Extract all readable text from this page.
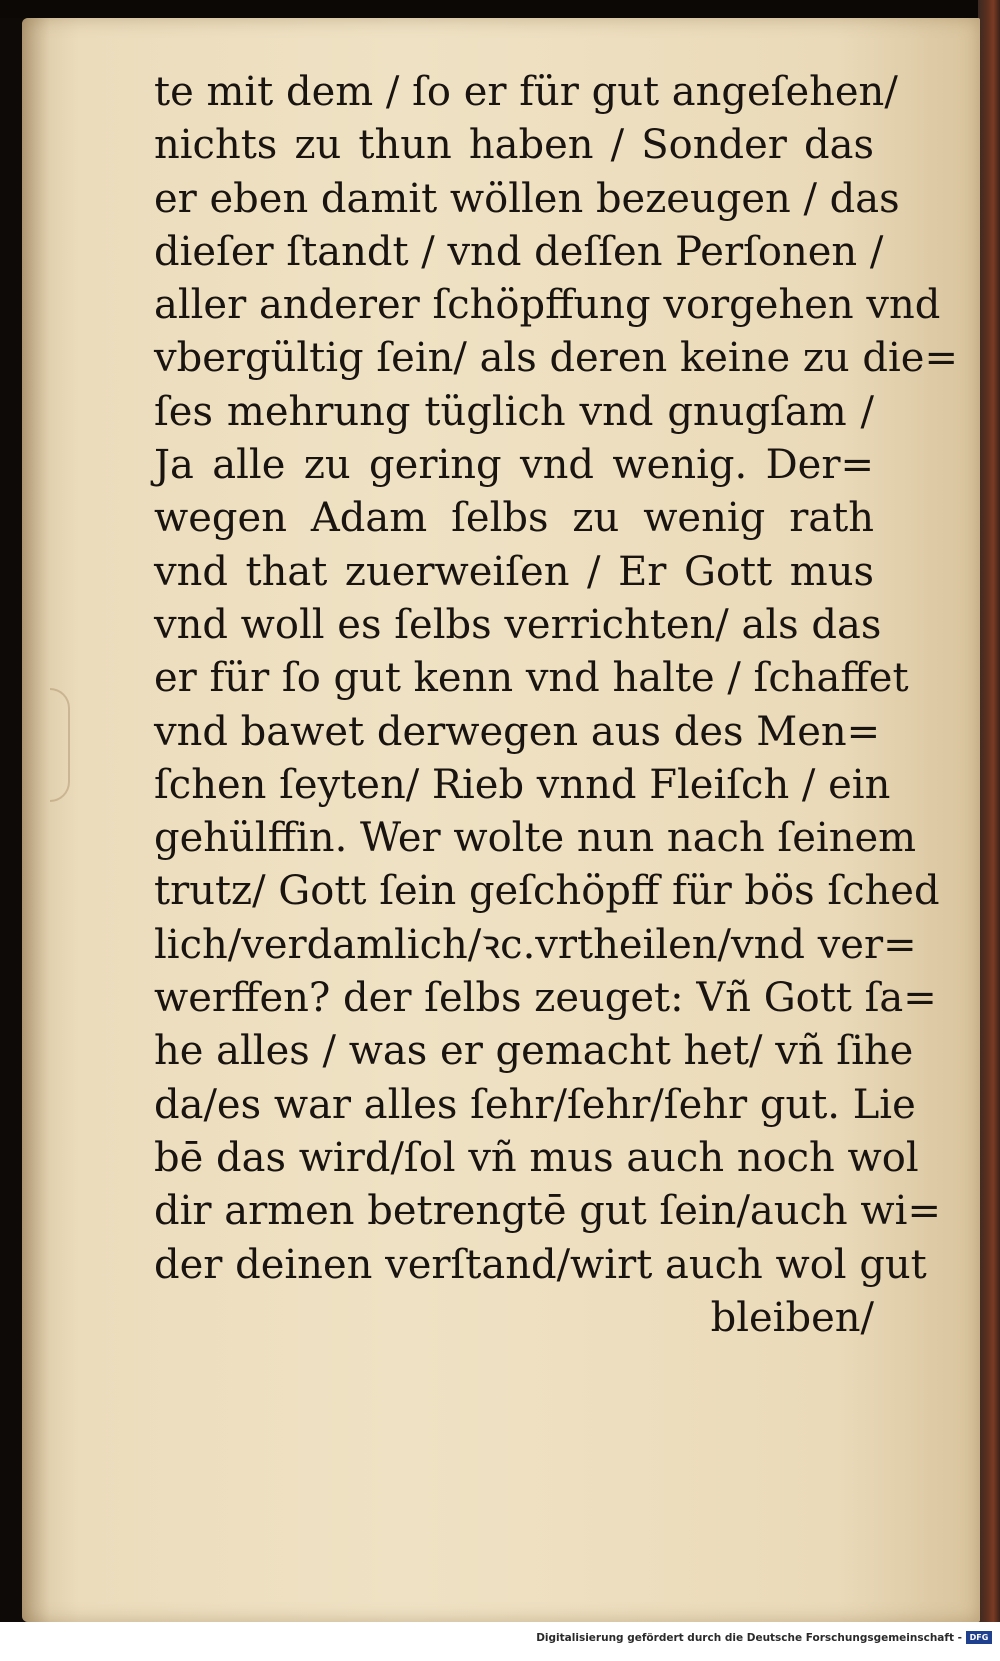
te mit dem / ſo er für gut angeſehen/
nichts zu thun haben / Sonder das
er eben damit wöllen bezeugen / das
dieſer ſtandt / vnd deſſen Perſonen /
aller anderer ſchöpffung vorgehen vnd
vbergültig ſein/ als deren keine zu die=
ſes mehrung tüglich vnd gnugſam /
Ja alle zu gering vnd wenig. Der=
wegen Adam ſelbs zu wenig rath
vnd that zuerweiſen / Er Gott mus
vnd woll es ſelbs verrichten/ als das
er für ſo gut kenn vnd halte / ſchaffet
vnd bawet derwegen aus des Men=
ſchen ſeyten/ Rieb vnnd Fleiſch / ein
gehülffin. Wer wolte nun nach ſeinem
trutz/ Gott ſein geſchöpff für bös ſched
lich/verdamlich/ꝛc.vrtheilen/vnd ver=
werffen? der ſelbs zeuget: Vñ Gott ſa=
he alles / was er gemacht het/ vñ ſihe
da/es war alles ſehr/ſehr/ſehr gut. Lie
bē das wird/ſol vñ mus auch noch wol
dir armen betrengtē gut ſein/auch wi=
der deinen verſtand/wirt auch wol gut
bleiben/
Digitalisierung gefördert durch die Deutsche Forschungsgemeinschaft - DFG
